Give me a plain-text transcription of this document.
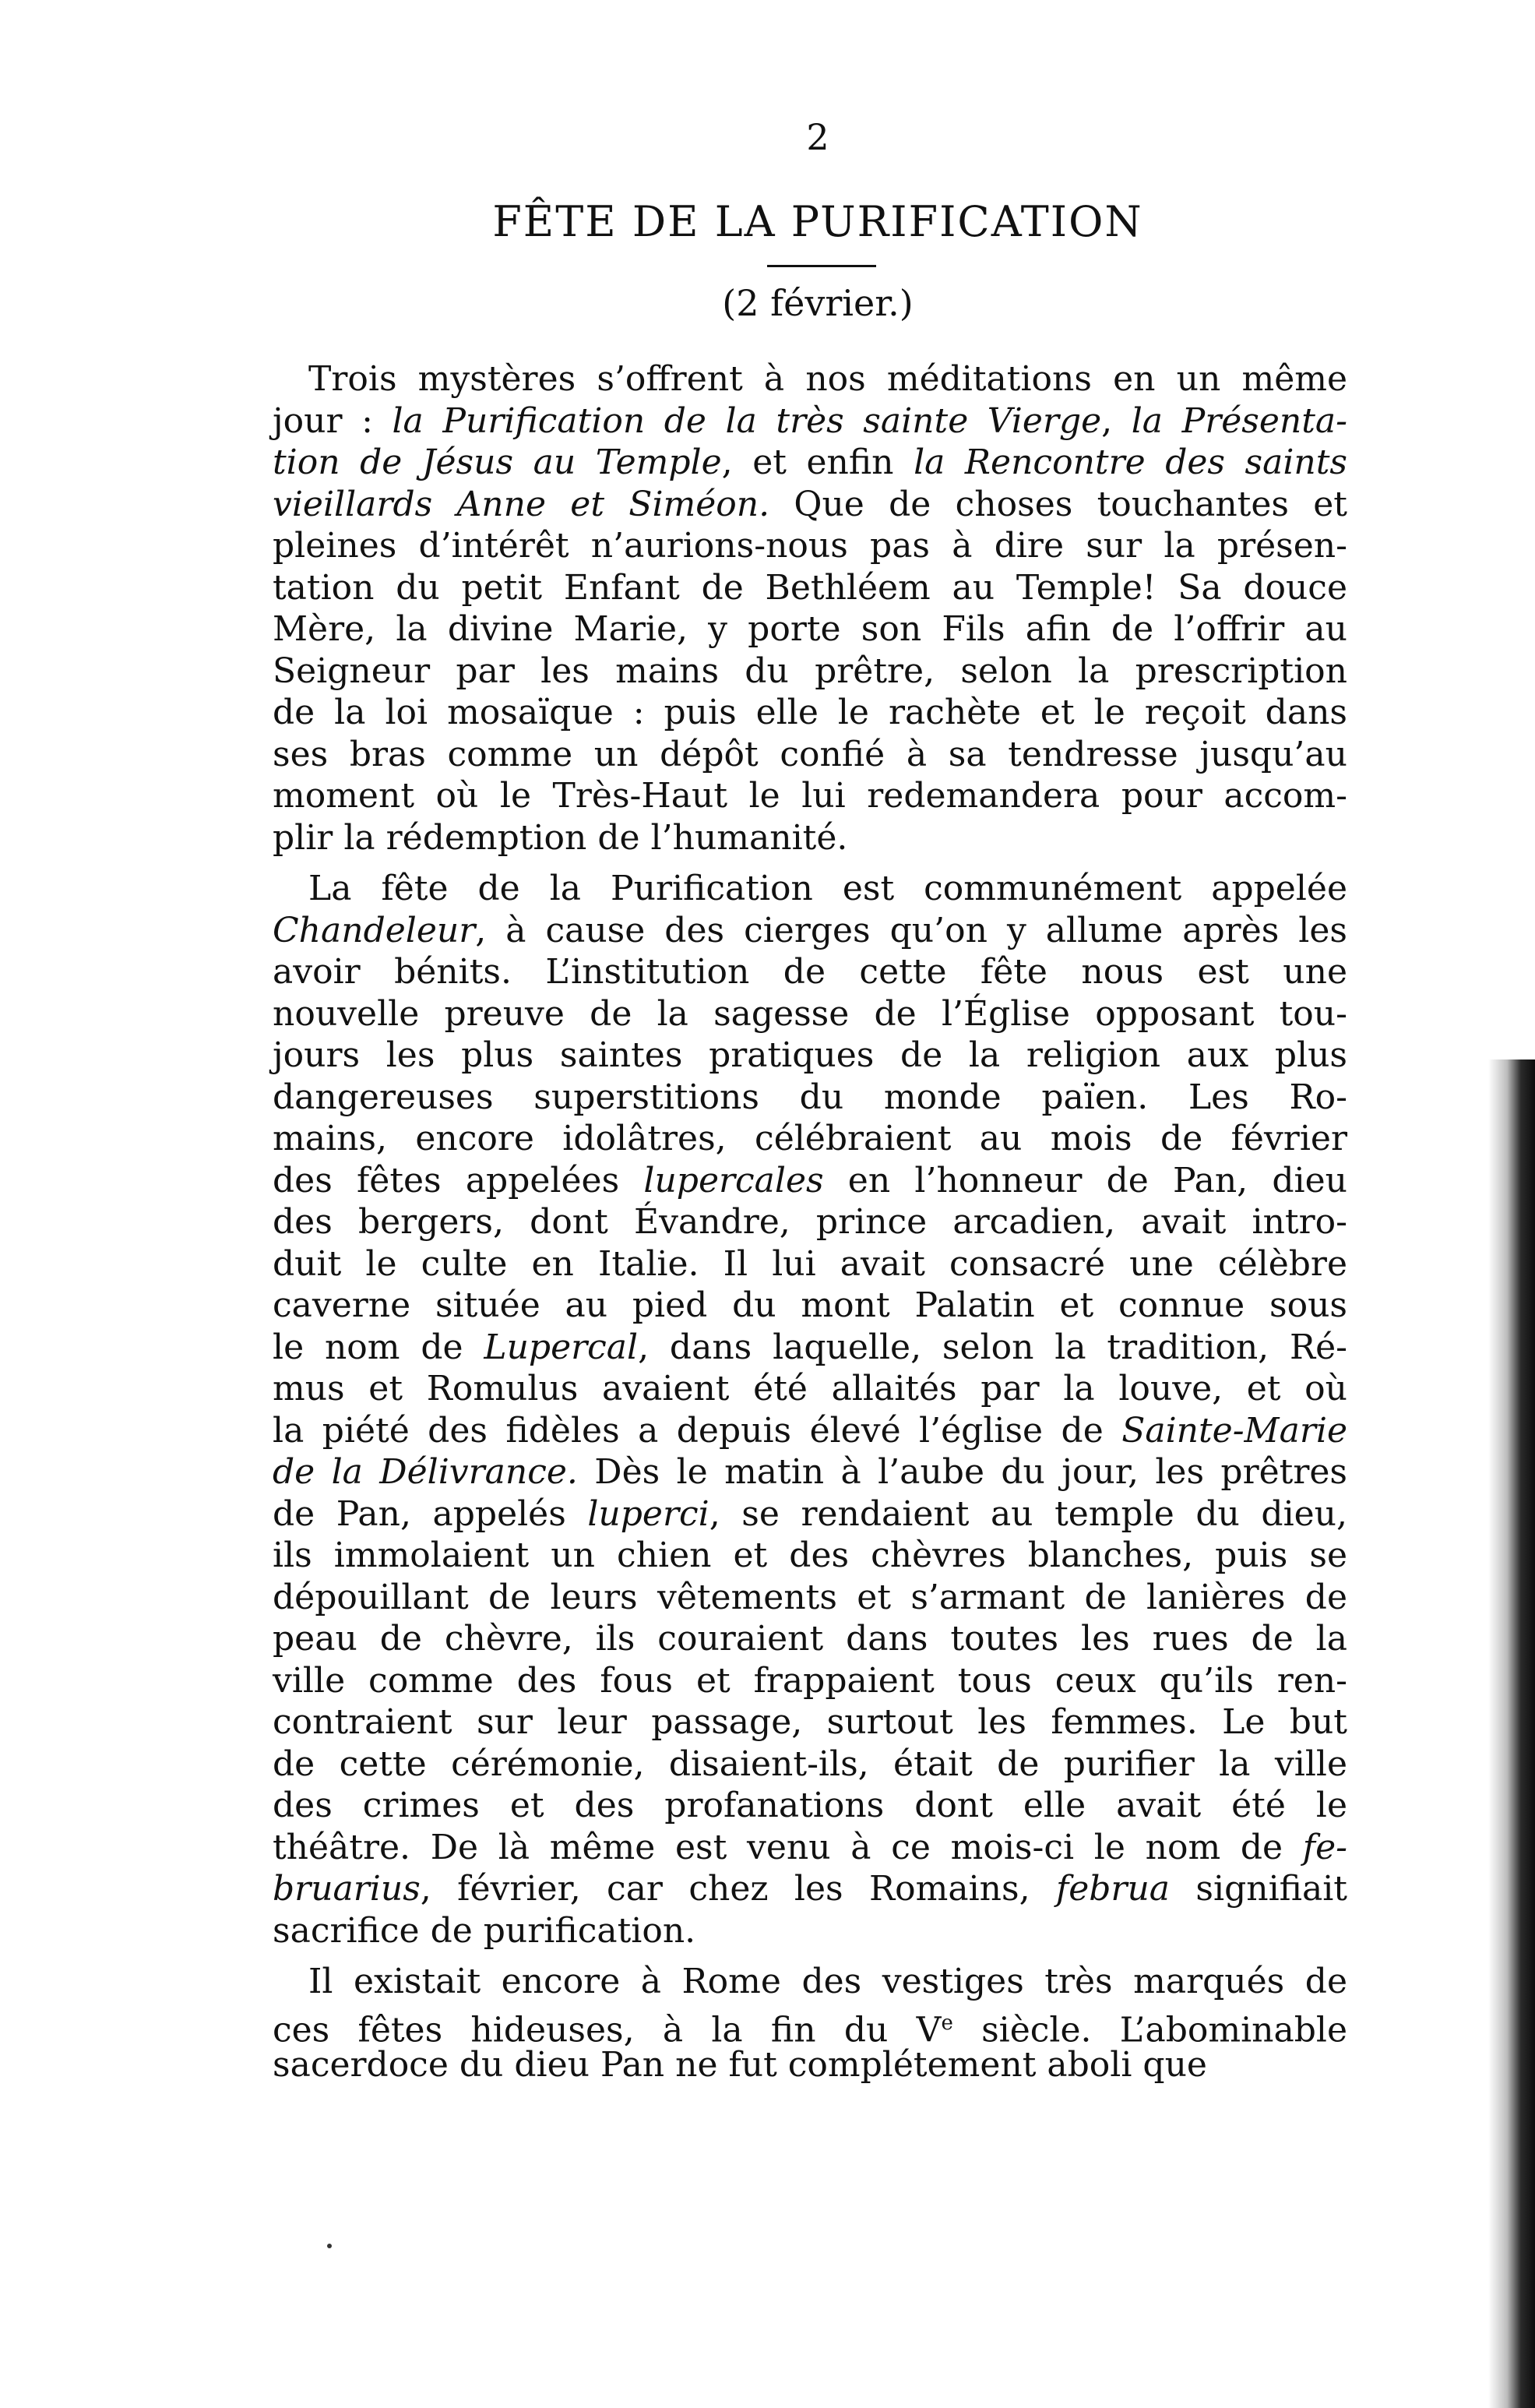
2
FÊTE DE LA PURIFICATION
(2 février.)
Trois mystères s’offrent à nos méditations en un même
jour : la Purification de la très sainte Vierge, la Présenta-
tion de Jésus au Temple, et enfin la Rencontre des saints
vieillards Anne et Siméon. Que de choses touchantes et
pleines d’intérêt n’aurions-nous pas à dire sur la présen-
tation du petit Enfant de Bethléem au Temple! Sa douce
Mère, la divine Marie, y porte son Fils afin de l’offrir au
Seigneur par les mains du prêtre, selon la prescription
de la loi mosaïque : puis elle le rachète et le reçoit dans
ses bras comme un dépôt confié à sa tendresse jusqu’au
moment où le Très-Haut le lui redemandera pour accom-
plir la rédemption de l’humanité.
La fête de la Purification est communément appelée
Chandeleur, à cause des cierges qu’on y allume après les
avoir bénits. L’institution de cette fête nous est une
nouvelle preuve de la sagesse de l’Église opposant tou-
jours les plus saintes pratiques de la religion aux plus
dangereuses superstitions du monde païen. Les Ro-
mains, encore idolâtres, célébraient au mois de février
des fêtes appelées lupercales en l’honneur de Pan, dieu
des bergers, dont Évandre, prince arcadien, avait intro-
duit le culte en Italie. Il lui avait consacré une célèbre
caverne située au pied du mont Palatin et connue sous
le nom de Lupercal, dans laquelle, selon la tradition, Ré-
mus et Romulus avaient été allaités par la louve, et où
la piété des fidèles a depuis élevé l’église de Sainte-Marie
de la Délivrance. Dès le matin à l’aube du jour, les prêtres
de Pan, appelés luperci, se rendaient au temple du dieu,
ils immolaient un chien et des chèvres blanches, puis se
dépouillant de leurs vêtements et s’armant de lanières de
peau de chèvre, ils couraient dans toutes les rues de la
ville comme des fous et frappaient tous ceux qu’ils ren-
contraient sur leur passage, surtout les femmes. Le but
de cette cérémonie, disaient-ils, était de purifier la ville
des crimes et des profanations dont elle avait été le
théâtre. De là même est venu à ce mois-ci le nom de fe-
bruarius, février, car chez les Romains, februa signifiait
sacrifice de purification.
Il existait encore à Rome des vestiges très marqués de
ces fêtes hideuses, à la fin du Ve siècle. L’abominable
sacerdoce du dieu Pan ne fut complétement aboli que
